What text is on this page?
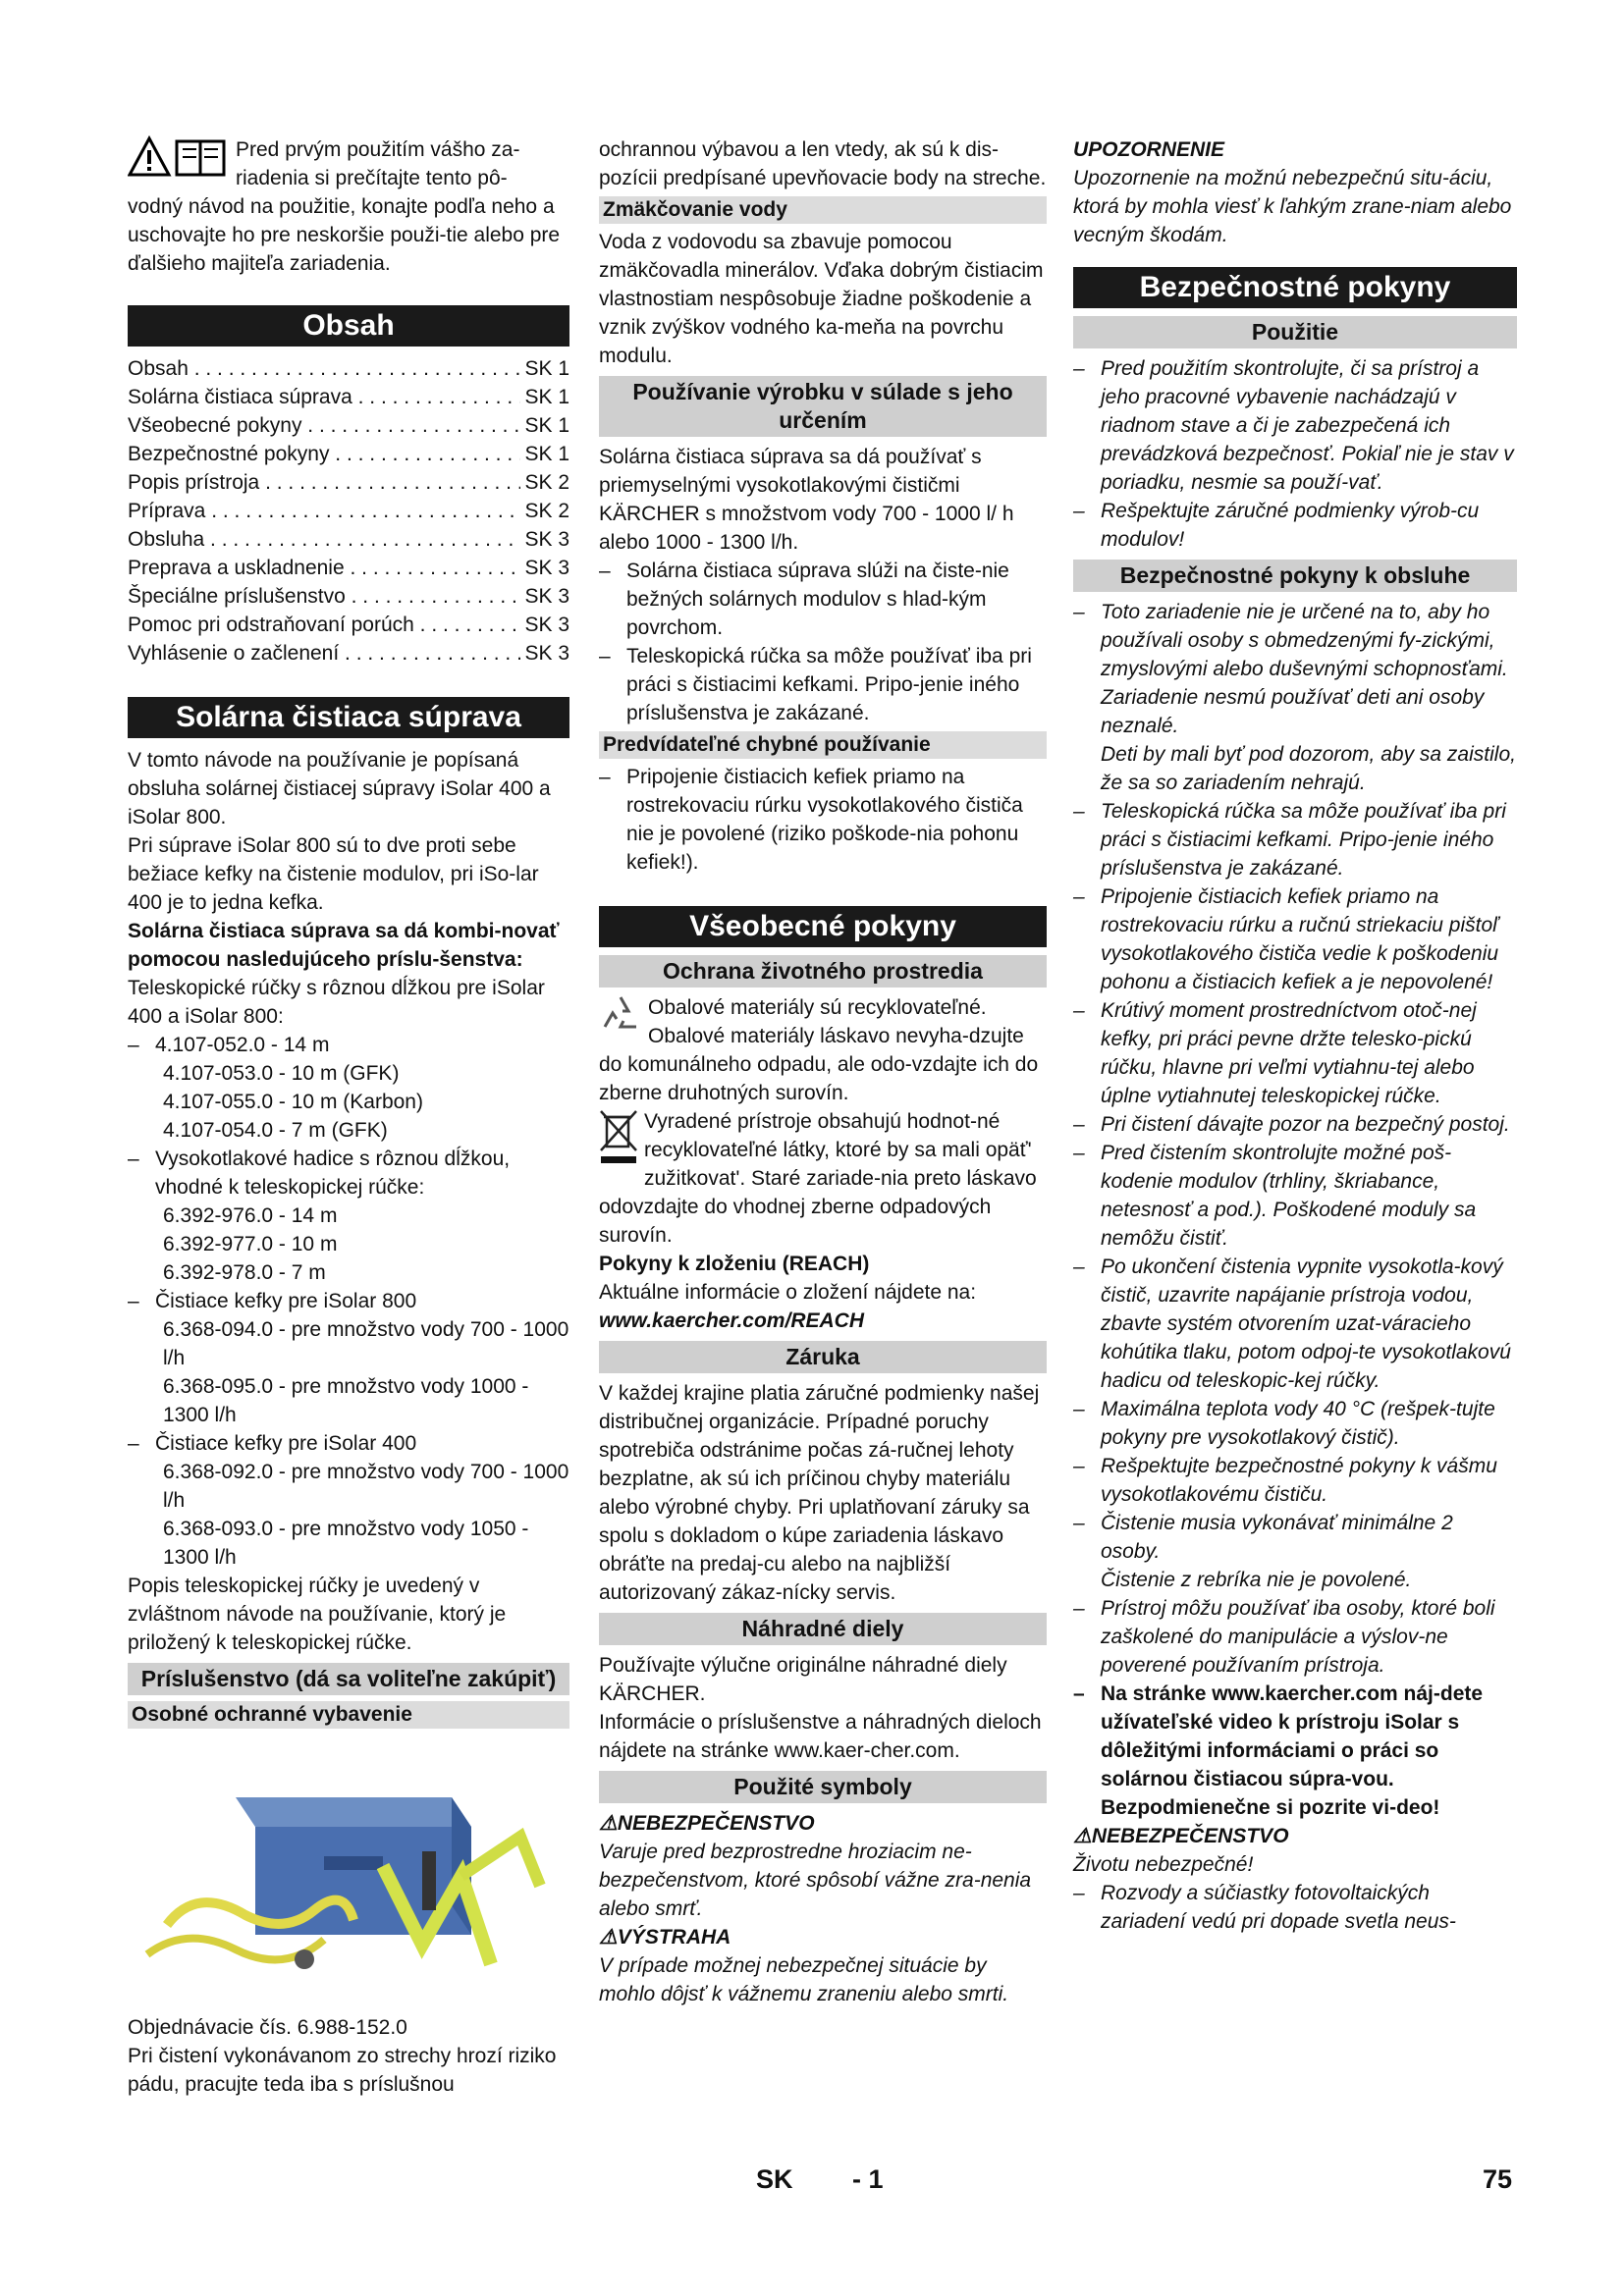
Pred prvým použitím vášho za-
riadenia si prečítajte tento pô-

vodný návod na použitie, konajte podľa neho a uschovajte ho pre neskoršie použi-tie alebo pre ďalšieho majiteľa zariadenia.

Obsah
Obsah . . .	SK 1
Solárna čistiaca súprava . . .	SK 1
Všeobecné pokyny . . .	SK 1
Bezpečnostné pokyny . . .	SK 1
Popis prístroja . . .	SK 2
Príprava . . .	SK 2
Obsluha . . .	SK 3
Preprava a uskladnenie . . .	SK 3
Špeciálne príslušenstvo . . .	SK 3
Pomoc pri odstraňovaní porúch . . .	SK 3
Vyhlásenie o začlenení . . .	SK 3
Solárna čistiaca súprava

V tomto návode na používanie je popísaná obsluha solárnej čistiacej súpravy iSolar 400 a iSolar 800.

Pri súprave iSolar 800 sú to dve proti sebe bežiace kefky na čistenie modulov, pri iSo-lar 400 je to jedna kefka.

Solárna čistiaca súprava sa dá kombi-novať pomocou nasledujúceho príslu-šenstva:

Teleskopické rúčky s rôznou dĺžkou pre iSolar 400 a iSolar 800:

– 4.107-052.0 - 14 m
4.107-053.0 - 10 m (GFK)
4.107-055.0 - 10 m (Karbon)
4.107-054.0 - 7 m (GFK)
– Vysokotlakové hadice s rôznou dĺžkou, vhodné k teleskopickej rúčke:
6.392-976.0 - 14 m
6.392-977.0 - 10 m
6.392-978.0 - 7 m
– Čistiace kefky pre iSolar 800
6.368-094.0 - pre množstvo vody 700 - 1000 l/h
6.368-095.0 - pre množstvo vody 1000 - 1300 l/h
– Čistiace kefky pre iSolar 400
6.368-092.0 - pre množstvo vody 700 - 1000 l/h
6.368-093.0 - pre množstvo vody 1050 - 1300 l/h

Popis teleskopickej rúčky je uvedený v zvláštnom návode na používanie, ktorý je priložený k teleskopickej rúčke.

Príslušenstvo (dá sa voliteľne zakúpiť)
Osobné ochranné vybavenie

Objednávacie čís. 6.988-152.0

Pri čistení vykonávanom zo strechy hrozí riziko pádu, pracujte teda iba s príslušnou

ochrannou výbavou a len vtedy, ak sú k dis-pozícii predpísané upevňovacie body na streche.

Zmäkčovanie vody

Voda z vodovodu sa zbavuje pomocou zmäkčovadla minerálov. Vďaka dobrým čistiacim vlastnostiam nespôsobuje žiadne poškodenie a vznik zvýškov vodného ka-meňa na povrchu modulu.

Používanie výrobku v súlade s jeho určením

Solárna čistiaca súprava sa dá používať s priemyselnými vysokotlakovými čističmi KÄRCHER s množstvom vody 700 - 1000 l/ h alebo 1000 - 1300 l/h.

– Solárna čistiaca súprava slúži na čiste-nie bežných solárnych modulov s hlad-kým povrchom.
– Teleskopická rúčka sa môže používať iba pri práci s čistiacimi kefkami. Pripo-jenie iného príslušenstva je zakázané.
Predvídateľné chybné používanie
– Pripojenie čistiacich kefiek priamo na rostrekovaciu rúrku vysokotlakového čističa nie je povolené (riziko poškode-nia pohonu kefiek!).
Všeobecné pokyny
Ochrana životného prostredia

Obalové materiály sú recyklovateľné. Obalové materiály láskavo nevyha-dzujte do komunálneho odpadu, ale odo-vzdajte ich do zberne druhotných surovín.

Vyradené prístroje obsahujú hodnot-né recyklovateľné látky, ktoré by sa mali opäť' zužitkovat'. Staré zariade-nia preto láskavo odovzdajte do vhodnej zberne odpadových surovín.

Pokyny k zloženiu (REACH)

Aktuálne informácie o zložení nájdete na:

www.kaercher.com/REACH

Záruka

V každej krajine platia záručné podmienky našej distribučnej organizácie. Prípadné poruchy spotrebiča odstránime počas zá-ručnej lehoty bezplatne, ak sú ich príčinou chyby materiálu alebo výrobné chyby. Pri uplatňovaní záruky sa spolu s dokladom o kúpe zariadenia láskavo obráťte na predaj-cu alebo na najbližší autorizovaný zákaz-nícky servis.

Náhradné diely

Používajte výlučne originálne náhradné diely KÄRCHER.

Informácie o príslušenstve a náhradných dieloch nájdete na stránke www.kaer-cher.com.

Použité symboly

⚠NEBEZPEČENSTVO

Varuje pred bezprostredne hroziacim ne-bezpečenstvom, ktoré spôsobí vážne zra-nenia alebo smrť.

⚠VÝSTRAHA

V prípade možnej nebezpečnej situácie by mohlo dôjsť k vážnemu zraneniu alebo smrti.

UPOZORNENIE

Upozornenie na možnú nebezpečnú situ-áciu, ktorá by mohla viesť k ľahkým zrane-niam alebo vecným škodám.

Bezpečnostné pokyny
Použitie
– Pred použitím skontrolujte, či sa prístroj a jeho pracovné vybavenie nachádzajú v riadnom stave a či je zabezpečená ich prevádzková bezpečnosť. Pokiaľ nie je stav v poriadku, nesmie sa použí-vať.
– Rešpektujte záručné podmienky výrob-cu modulov!
Bezpečnostné pokyny k obsluhe
– Toto zariadenie nie je určené na to, aby ho používali osoby s obmedzenými fy-zickými, zmyslovými alebo duševnými schopnosťami.
Zariadenie nesmú používať deti ani osoby neznalé.
Deti by mali byť pod dozorom, aby sa zaistilo, že sa so zariadením nehrajú.
– Teleskopická rúčka sa môže používať iba pri práci s čistiacimi kefkami. Pripo-jenie iného príslušenstva je zakázané.
– Pripojenie čistiacich kefiek priamo na rostrekovaciu rúrku a ručnú striekaciu pištoľ vysokotlakového čističa vedie k poškodeniu pohonu a čistiacich kefiek a je nepovolené!
– Krútivý moment prostredníctvom otoč-nej kefky, pri práci pevne držte telesko-pickú rúčku, hlavne pri veľmi vytiahnu-tej alebo úplne vytiahnutej teleskopickej rúčke.
– Pri čistení dávajte pozor na bezpečný postoj.
– Pred čistením skontrolujte možné poš-kodenie modulov (trhliny, škriabance, netesnosť a pod.). Poškodené moduly sa nemôžu čistiť.
– Po ukončení čistenia vypnite vysokotla-kový čistič, uzavrite napájanie prístroja vodou, zbavte systém otvorením uzat-váracieho kohútika tlaku, potom odpoj-te vysokotlakovú hadicu od teleskopic-kej rúčky.
– Maximálna teplota vody 40 °C (rešpek-tujte pokyny pre vysokotlakový čistič).
– Rešpektujte bezpečnostné pokyny k vášmu vysokotlakovému čističu.
– Čistenie musia vykonávať minimálne 2 osoby.
Čistenie z rebríka nie je povolené.
– Prístroj môžu používať iba osoby, ktoré boli zaškolené do manipulácie a výslov-ne poverené používaním prístroja.
– Na stránke www.kaercher.com náj-dete užívateľské video k prístroju iSolar s dôležitými informáciami o práci so solárnou čistiacou súpra-vou. Bezpodmienečne si pozrite vi-deo!

⚠NEBEZPEČENSTVO

Životu nebezpečné!

– Rozvody a súčiastky fotovoltaických zariadení vedú pri dopade svetla neus-
SK - 1	75
